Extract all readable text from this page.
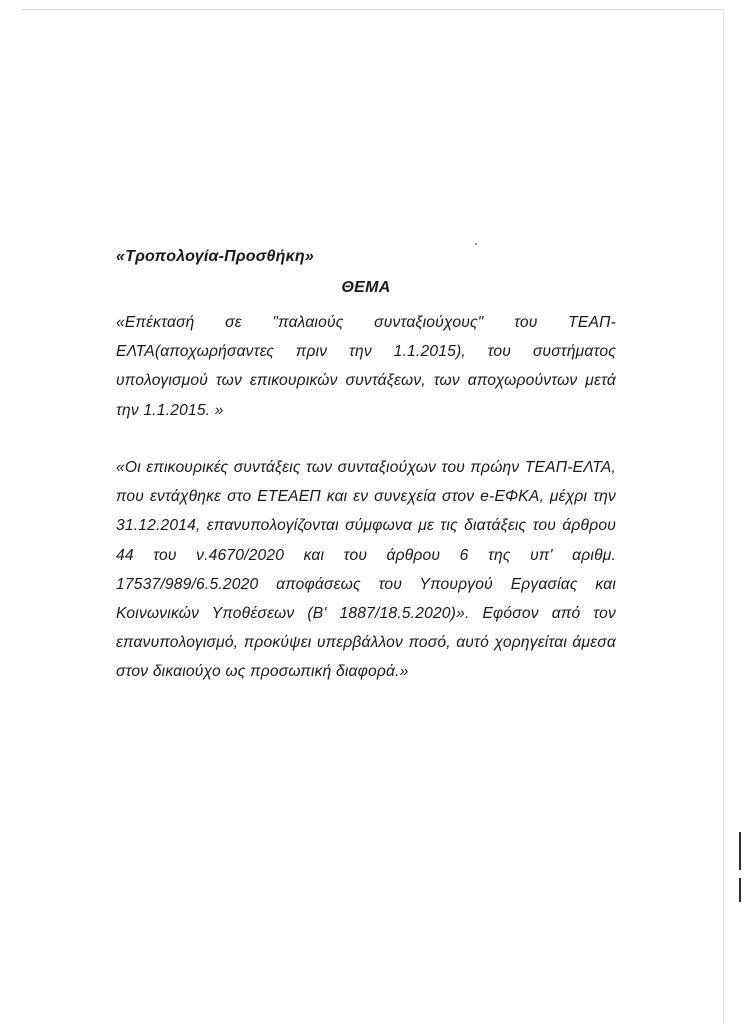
«Τροπολογία-Προσθήκη»
ΘΕΜΑ
«Επέκτασή σε "παλαιούς συνταξιούχους" του ΤΕΑΠ-ΕΛΤΑ(αποχωρήσαντες πριν την 1.1.2015), του συστήματος υπολογισμού των επικουρικών συντάξεων, των αποχωρούντων μετά την 1.1.2015. »
«Οι επικουρικές συντάξεις των συνταξιούχων του πρώην ΤΕΑΠ-ΕΛΤΑ, που εντάχθηκε στο ΕΤΕΑΕΠ και εν συνεχεία στον e-ΕΦΚΑ, μέχρι την 31.12.2014, επανυπολογίζονται σύμφωνα με τις διατάξεις του άρθρου 44 του ν.4670/2020 και του άρθρου 6 της υπ' αριθμ. 17537/989/6.5.2020 αποφάσεως του Υπουργού Εργασίας και Κοινωνικών Υποθέσεων (Β' 1887/18.5.2020)». Εφόσον από τον επανυπολογισμό, προκύψει υπερβάλλον ποσό, αυτό χορηγείται άμεσα στον δικαιούχο ως προσωπική διαφορά.»
